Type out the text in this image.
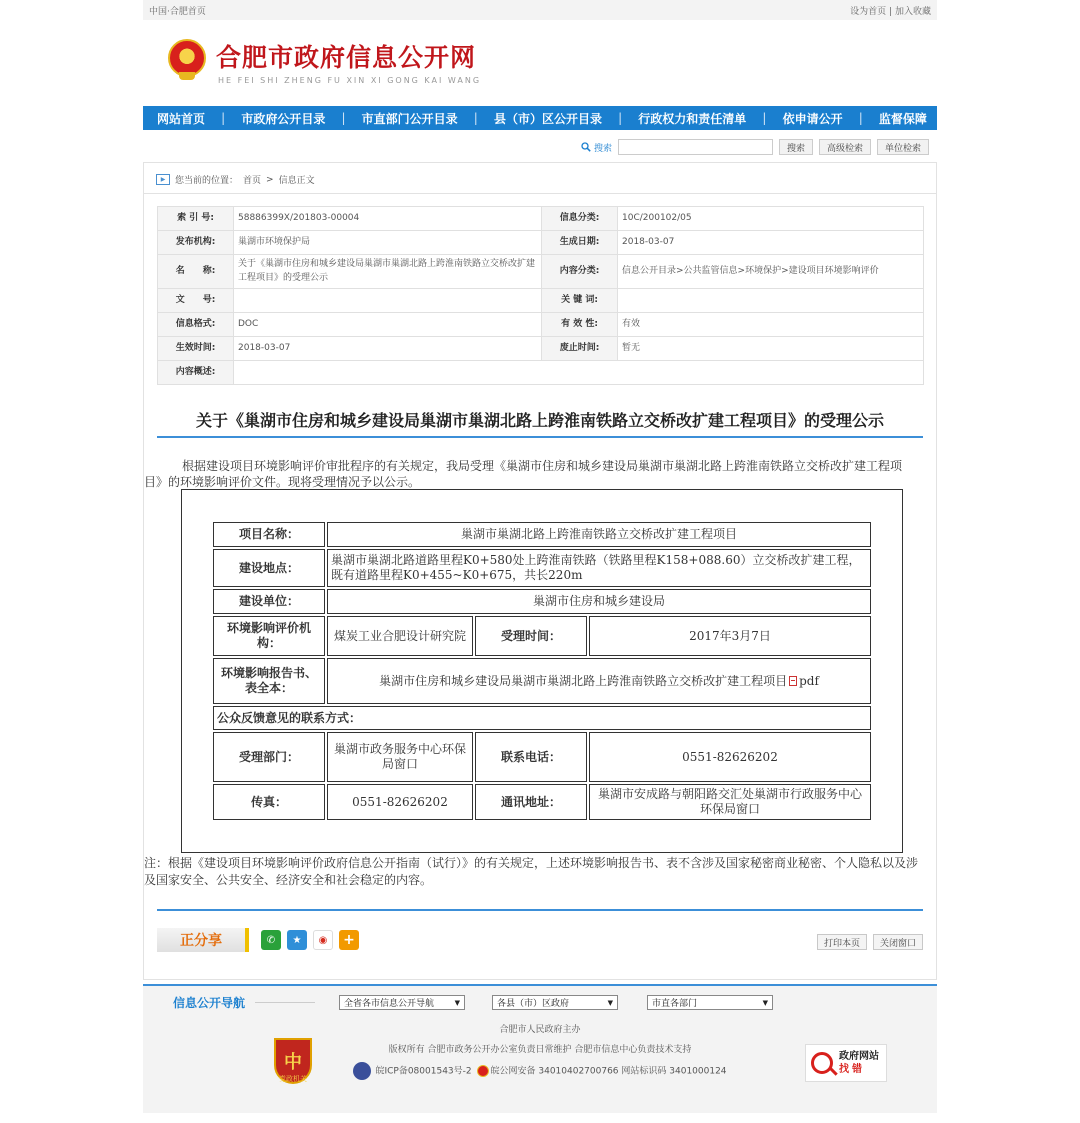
中国·合肥首页	设为首页 | 加入收藏
合肥市政府信息公开网
HE FEI SHI ZHENG FU XIN XI GONG KAI WANG
网站首页 | 市政府公开目录 | 市直部门公开目录 | 县（市）区公开目录 | 行政权力和责任清单 | 依申请公开 | 监督保障
搜索	搜索	高级检索	单位检索
▶	您当前的位置： 首页 > 信息正文
索 引 号:	58886399X/201803-00004	信息分类:	10C/200102/05
发布机构:	巢湖市环境保护局	生成日期:	2018-03-07
名　　称:	关于《巢湖市住房和城乡建设局巢湖市巢湖北路上跨淮南铁路立交桥改扩建工程项目》的受理公示	内容分类:	信息公开目录>公共监管信息>环境保护>建设项目环境影响评价
文　　号:		关 键 词:	
信息格式:	DOC	有 效 性:	有效
生效时间:	2018-03-07	废止时间:	暂无
内容概述:			
关于《巢湖市住房和城乡建设局巢湖市巢湖北路上跨淮南铁路立交桥改扩建工程项目》的受理公示
根据建设项目环境影响评价审批程序的有关规定，我局受理《巢湖市住房和城乡建设局巢湖市巢湖北路上跨淮南铁路立交桥改扩建工程项目》的环境影响评价文件。现将受理情况予以公示。
项目名称：	巢湖市巢湖北路上跨淮南铁路立交桥改扩建工程项目		
建设地点：	巢湖市巢湖北路道路里程K0+580处上跨淮南铁路（铁路里程K158+088.60）立交桥改扩建工程，既有道路里程K0+455~K0+675，共长220m		
建设单位：	巢湖市住房和城乡建设局		
环境影响评价机构：	煤炭工业合肥设计研究院	受理时间：	2017年3月7日
环境影响报告书、表全本：	巢湖市住房和城乡建设局巢湖市巢湖北路上跨淮南铁路立交桥改扩建工程项目 pdf		
公众反馈意见的联系方式：			
受理部门：	巢湖市政务服务中心环保局窗口	联系电话：	0551-82626202
传真：	0551-82626202	通讯地址：	巢湖市安成路与朝阳路交汇处巢湖市行政服务中心环保局窗口
注：根据《建设项目环境影响评价政府信息公开指南（试行）》的有关规定，上述环境影响报告书、表不含涉及国家秘密商业秘密、个人隐私以及涉及国家安全、公共安全、经济安全和社会稳定的内容。
正分享	✆	★	◉	+	打印本页	关闭窗口
信息公开导航	全省各市信息公开导航	▼	各县（市）区政府	▼	市直各部门	▼
合肥市人民政府主办
版权所有 合肥市政务公开办公室负责日常维护 合肥市信息中心负责技术支持
皖ICP备08001543号-2 皖公网安备 34010402700766 网站标识码 3401000124
中
党政机关
政府网站
找错
